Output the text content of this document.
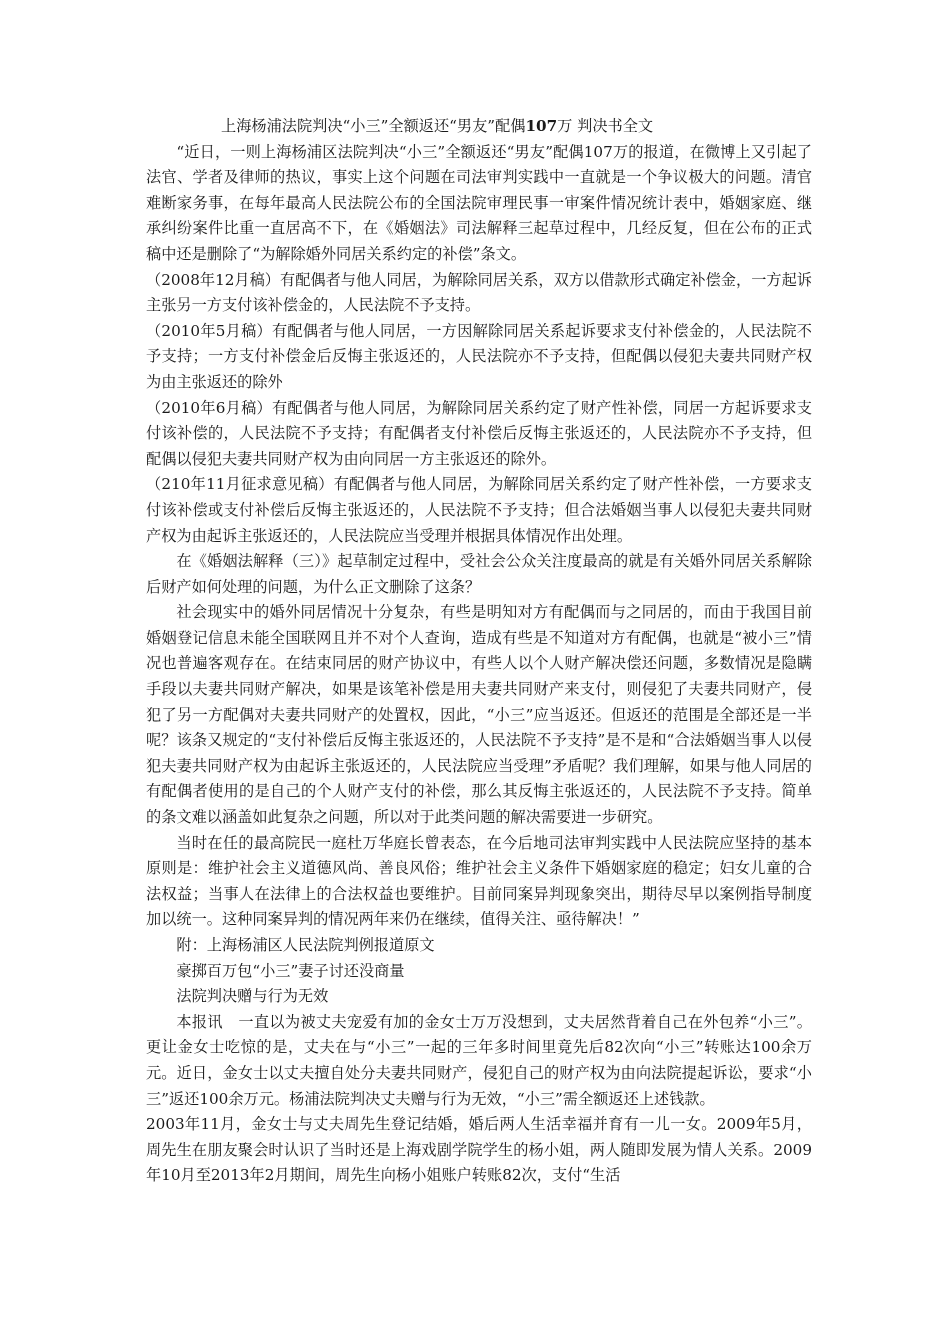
上海杨浦法院判决“小三”全额返还“男友”配偶107万 判决书全文

“近日，一则上海杨浦区法院判决“小三”全额返还“男友”配偶107万的报道，在微博上又引起了法官、学者及律师的热议，事实上这个问题在司法审判实践中一直就是一个争议极大的问题。清官难断家务事，在每年最高人民法院公布的全国法院审理民事一审案件情况统计表中，婚姻家庭、继承纠纷案件比重一直居高不下，在《婚姻法》司法解释三起草过程中，几经反复，但在公布的正式稿中还是删除了“为解除婚外同居关系约定的补偿”条文。

（2008年12月稿）有配偶者与他人同居，为解除同居关系，双方以借款形式确定补偿金，一方起诉主张另一方支付该补偿金的，人民法院不予支持。

（2010年5月稿）有配偶者与他人同居，一方因解除同居关系起诉要求支付补偿金的，人民法院不予支持；一方支付补偿金后反悔主张返还的，人民法院亦不予支持，但配偶以侵犯夫妻共同财产权为由主张返还的除外

（2010年6月稿）有配偶者与他人同居，为解除同居关系约定了财产性补偿，同居一方起诉要求支付该补偿的，人民法院不予支持；有配偶者支付补偿后反悔主张返还的，人民法院亦不予支持，但配偶以侵犯夫妻共同财产权为由向同居一方主张返还的除外。

（210年11月征求意见稿）有配偶者与他人同居，为解除同居关系约定了财产性补偿，一方要求支付该补偿或支付补偿后反悔主张返还的，人民法院不予支持；但合法婚姻当事人以侵犯夫妻共同财产权为由起诉主张返还的，人民法院应当受理并根据具体情况作出处理。

在《婚姻法解释（三）》起草制定过程中，受社会公众关注度最高的就是有关婚外同居关系解除后财产如何处理的问题，为什么正文删除了这条？

社会现实中的婚外同居情况十分复杂，有些是明知对方有配偶而与之同居的，而由于我国目前婚姻登记信息未能全国联网且并不对个人查询，造成有些是不知道对方有配偶，也就是“被小三”情况也普遍客观存在。在结束同居的财产协议中，有些人以个人财产解决偿还问题，多数情况是隐瞒手段以夫妻共同财产解决，如果是该笔补偿是用夫妻共同财产来支付，则侵犯了夫妻共同财产，侵犯了另一方配偶对夫妻共同财产的处置权，因此，“小三”应当返还。但返还的范围是全部还是一半呢？该条又规定的“支付补偿后反悔主张返还的，人民法院不予支持”是不是和“合法婚姻当事人以侵犯夫妻共同财产权为由起诉主张返还的，人民法院应当受理”矛盾呢？我们理解，如果与他人同居的有配偶者使用的是自己的个人财产支付的补偿，那么其反悔主张返还的，人民法院不予支持。简单的条文难以涵盖如此复杂之问题，所以对于此类问题的解决需要进一步研究。

当时在任的最高院民一庭杜万华庭长曾表态，在今后地司法审判实践中人民法院应坚持的基本原则是：维护社会主义道德风尚、善良风俗；维护社会主义条件下婚姻家庭的稳定；妇女儿童的合法权益；当事人在法律上的合法权益也要维护。目前同案异判现象突出，期待尽早以案例指导制度加以统一。这种同案异判的情况两年来仍在继续，值得关注、亟待解决！”

附：上海杨浦区人民法院判例报道原文

豪掷百万包“小三”妻子讨还没商量

法院判决赠与行为无效

本报讯　一直以为被丈夫宠爱有加的金女士万万没想到，丈夫居然背着自己在外包养“小三”。更让金女士吃惊的是，丈夫在与“小三”一起的三年多时间里竟先后82次向“小三”转账达100余万元。近日，金女士以丈夫擅自处分夫妻共同财产，侵犯自己的财产权为由向法院提起诉讼，要求“小三”返还100余万元。杨浦法院判决丈夫赠与行为无效，“小三”需全额返还上述钱款。

2003年11月，金女士与丈夫周先生登记结婚，婚后两人生活幸福并育有一儿一女。2009年5月，周先生在朋友聚会时认识了当时还是上海戏剧学院学生的杨小姐，两人随即发展为情人关系。2009年10月至2013年2月期间，周先生向杨小姐账户转账82次，支付“生活
